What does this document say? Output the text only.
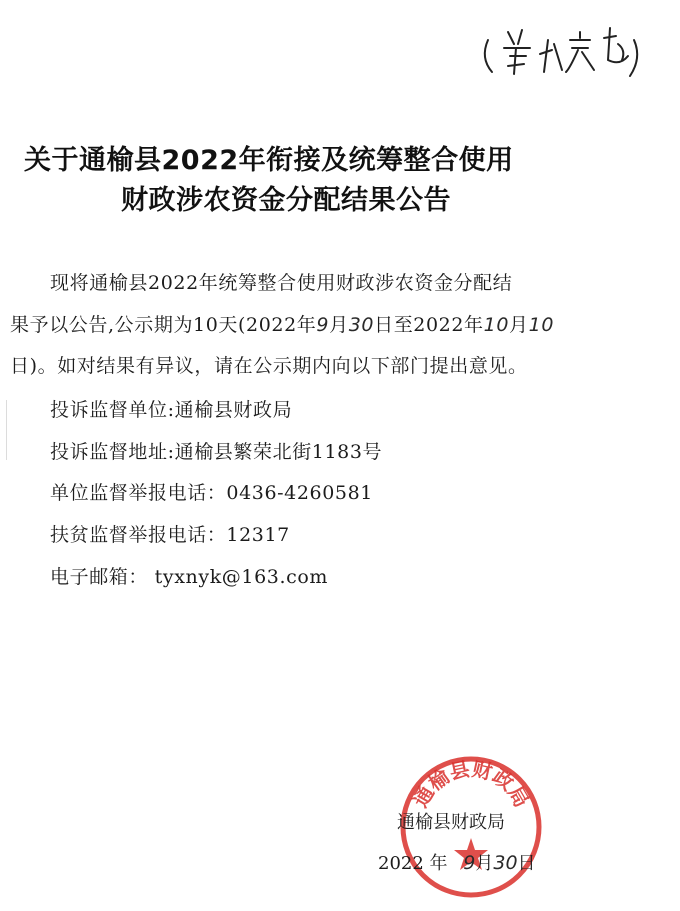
关于通榆县2022年衔接及统筹整合使用
财政涉农资金分配结果公告
现将通榆县2022年统筹整合使用财政涉农资金分配结
果予以公告,公示期为10天(2022年9月30日至2022年10月10
日)。如对结果有异议，请在公示期内向以下部门提出意见。
投诉监督单位:通榆县财政局
投诉监督地址:通榆县繁荣北街1183号
单位监督举报电话：0436-4260581
扶贫监督举报电话：12317
电子邮箱： tyxnyk@163.com
通榆县财政局
通榆县财政局
2022 年 9月30日
